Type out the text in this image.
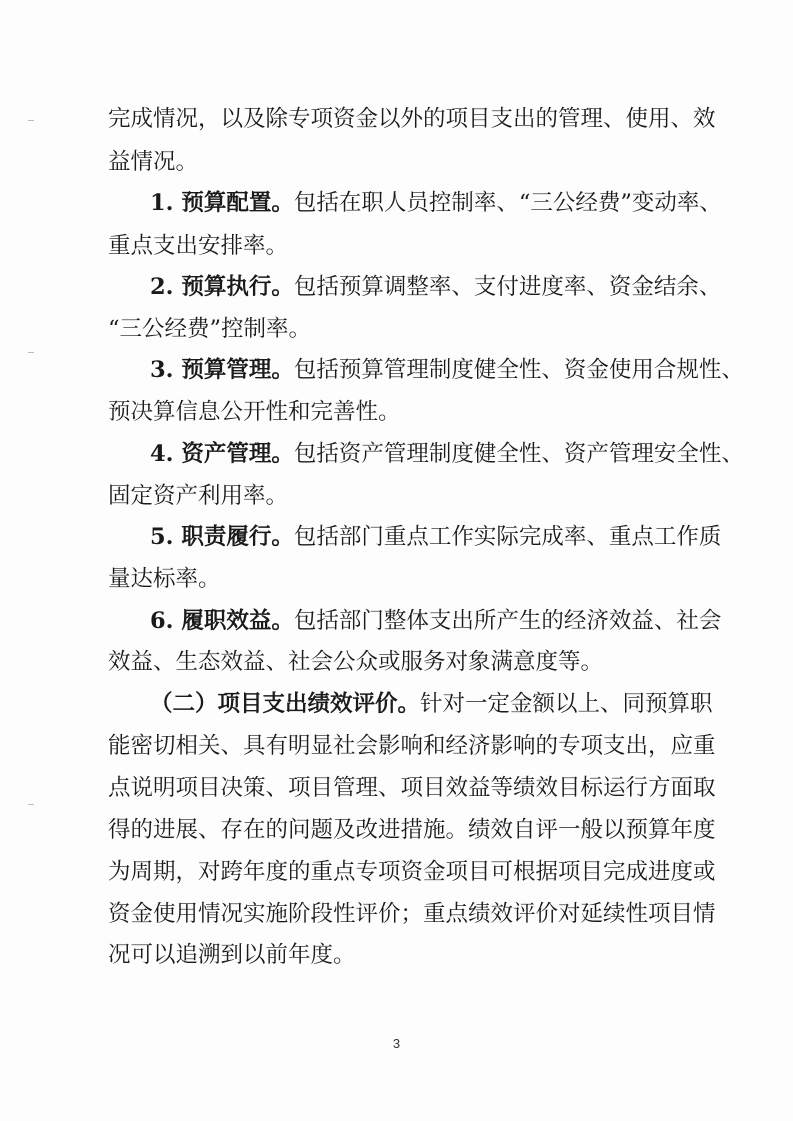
完成情况，以及除专项资金以外的项目支出的管理、使用、效
益情况。
1. 预算配置。包括在职人员控制率、“三公经费”变动率、
重点支出安排率。
2. 预算执行。包括预算调整率、支付进度率、资金结余、
“三公经费”控制率。
3. 预算管理。包括预算管理制度健全性、资金使用合规性、
预决算信息公开性和完善性。
4. 资产管理。包括资产管理制度健全性、资产管理安全性、
固定资产利用率。
5. 职责履行。包括部门重点工作实际完成率、重点工作质
量达标率。
6. 履职效益。包括部门整体支出所产生的经济效益、社会
效益、生态效益、社会公众或服务对象满意度等。
（二）项目支出绩效评价。针对一定金额以上、同预算职
能密切相关、具有明显社会影响和经济影响的专项支出，应重
点说明项目决策、项目管理、项目效益等绩效目标运行方面取
得的进展、存在的问题及改进措施。绩效自评一般以预算年度
为周期，对跨年度的重点专项资金项目可根据项目完成进度或
资金使用情况实施阶段性评价；重点绩效评价对延续性项目情
况可以追溯到以前年度。
3
